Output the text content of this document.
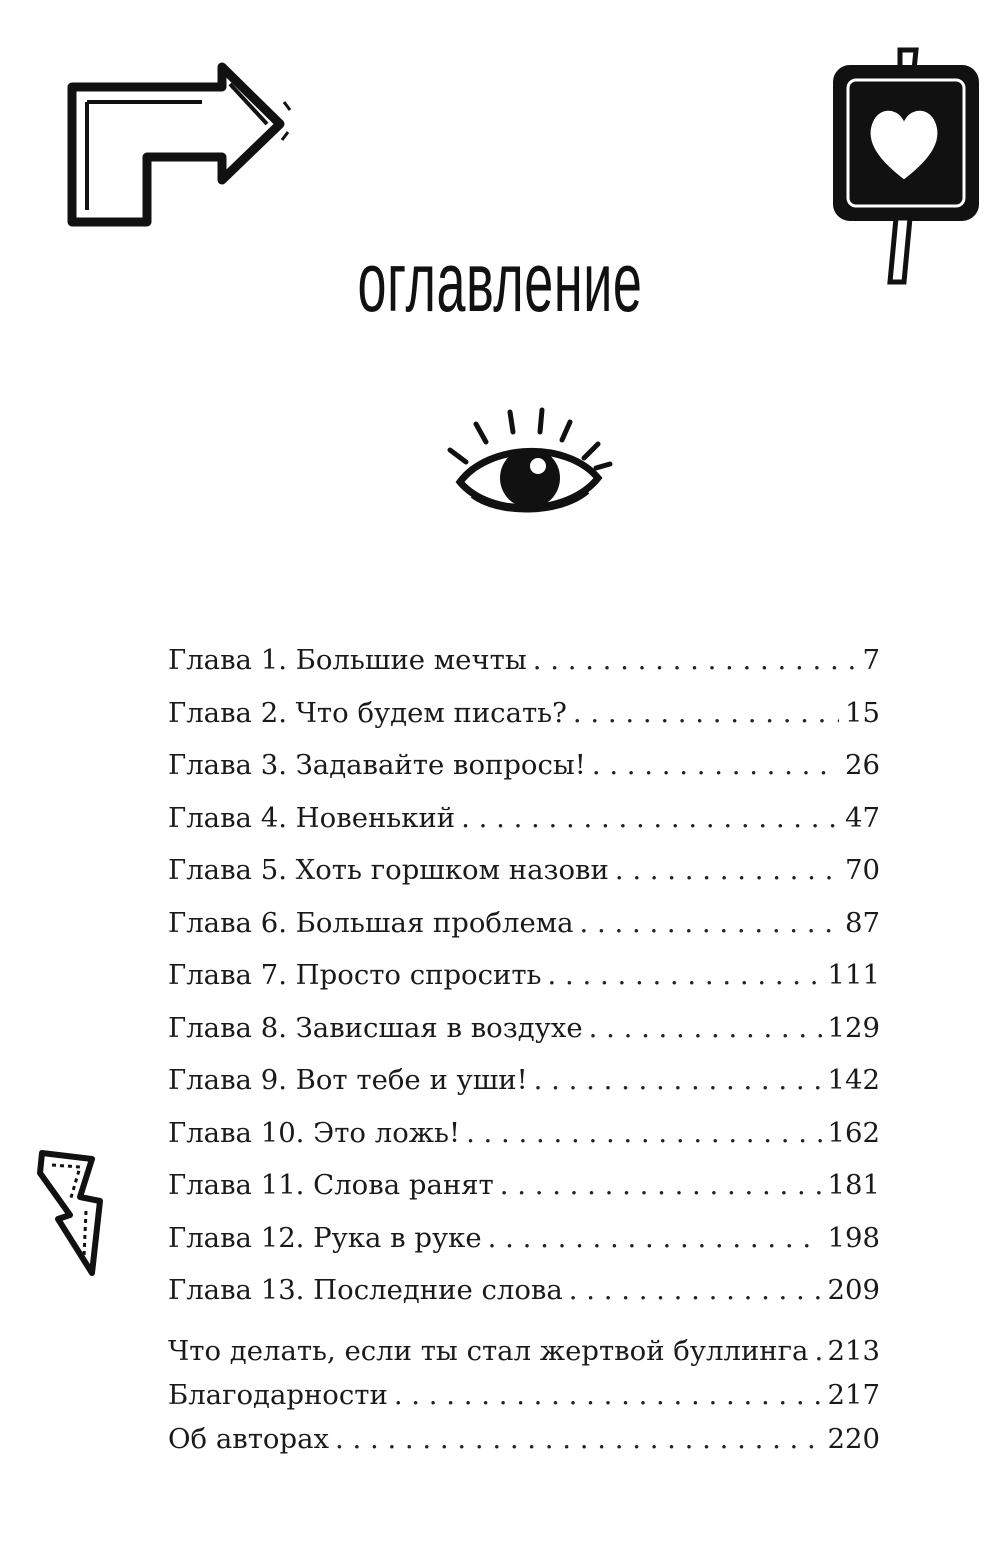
оглавление
Глава 1. Большие мечты . . .	7
Глава 2. Что будем писать? . . .	15
Глава 3. Задавайте вопросы! . . .	26
Глава 4. Новенький . . .	47
Глава 5. Хоть горшком назови . . .	70
Глава 6. Большая проблема . . .	87
Глава 7. Просто спросить . . .	111
Глава 8. Зависшая в воздухе . . .	129
Глава 9. Вот тебе и уши! . . .	142
Глава 10. Это ложь! . . .	162
Глава 11. Слова ранят . . .	181
Глава 12. Рука в руке . . .	198
Глава 13. Последние слова . . .	209
Что делать, если ты стал жертвой буллинга . . . 213
Благодарности . . .	217
Об авторах . . .	220
